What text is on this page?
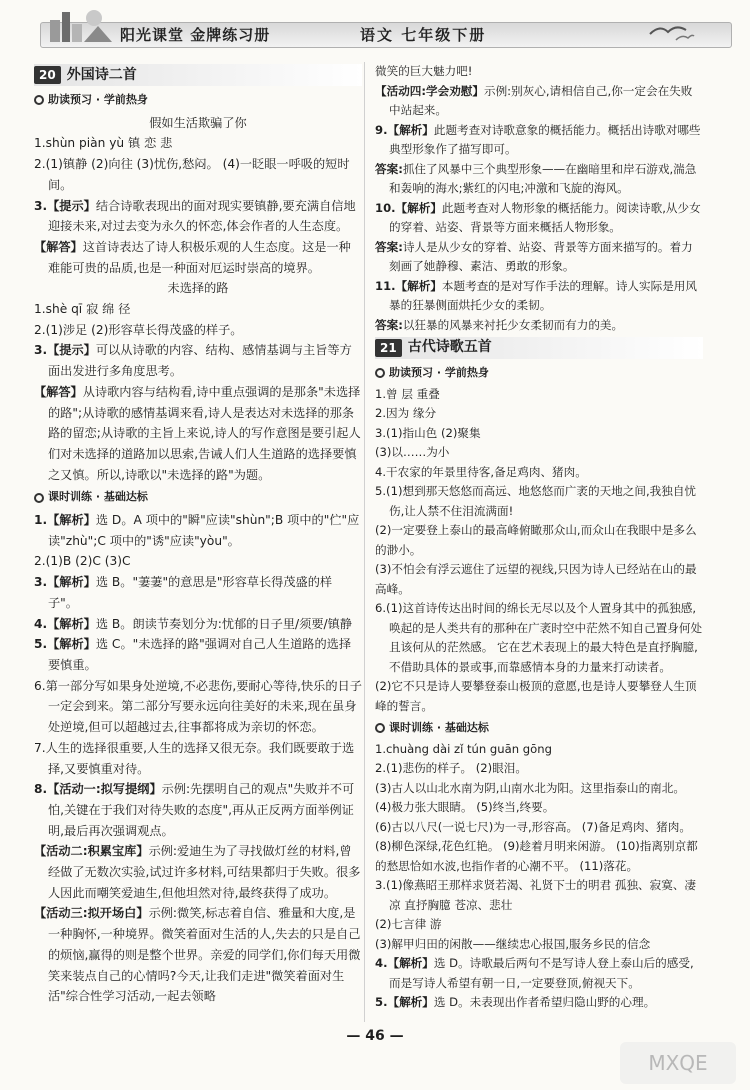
阳光课堂 金牌练习册	语文 七年级下册
20 外国诗二首
助读预习 · 学前热身

假如生活欺骗了你

1.shùn piàn yù 镇 恋 悲

2.(1)镇静 (2)向往 (3)忧伤,愁闷。 (4)一眨眼一呼吸的短时间。

3.【提示】结合诗歌表现出的面对现实要镇静,要充满自信地迎接未来,对过去变为永久的怀恋,体会作者的人生态度。

【解答】这首诗表达了诗人积极乐观的人生态度。这是一种难能可贵的品质,也是一种面对厄运时崇高的境界。

未选择的路

1.shè qī 寂 绵 径

2.(1)涉足 (2)形容草长得茂盛的样子。

3.【提示】可以从诗歌的内容、结构、感情基调与主旨等方面出发进行多角度思考。

【解答】从诗歌内容与结构看,诗中重点强调的是那条"未选择的路";从诗歌的感情基调来看,诗人是表达对未选择的那条路的留恋;从诗歌的主旨上来说,诗人的写作意图是要引起人们对未选择的道路加以思索,告诫人们人生道路的选择要慎之又慎。所以,诗歌以"未选择的路"为题。

课时训练 · 基础达标

1.【解析】选 D。A 项中的"瞬"应读"shùn";B 项中的"伫"应读"zhù";C 项中的"诱"应读"yòu"。

2.(1)B (2)C (3)C

3.【解析】选 B。"萋萋"的意思是"形容草长得茂盛的样子"。

4.【解析】选 B。朗读节奏划分为:忧郁的日子里/须要/镇静

5.【解析】选 C。"未选择的路"强调对自己人生道路的选择要慎重。

6.第一部分写如果身处逆境,不必悲伤,要耐心等待,快乐的日子一定会到来。第二部分写要永远向往美好的未来,现在虽身处逆境,但可以超越过去,往事都将成为亲切的怀恋。

7.人生的选择很重要,人生的选择又很无奈。我们既要敢于选择,又要慎重对待。

8.【活动一:拟写提纲】示例:先摆明自己的观点"失败并不可怕,关键在于我们对待失败的态度",再从正反两方面举例证明,最后再次强调观点。

【活动二:积累宝库】示例:爱迪生为了寻找做灯丝的材料,曾经做了无数次实验,试过许多材料,可结果都归于失败。很多人因此而嘲笑爱迪生,但他坦然对待,最终获得了成功。

【活动三:拟开场白】示例:微笑,标志着自信、雅量和大度,是一种胸怀,一种境界。微笑着面对生活的人,失去的只是自己的烦恼,赢得的则是整个世界。亲爱的同学们,你们每天用微笑来装点自己的心情吗?今天,让我们走进"微笑着面对生活"综合性学习活动,一起去领略

微笑的巨大魅力吧!

【活动四:学会劝慰】示例:别灰心,请相信自己,你一定会在失败中站起来。

9.【解析】此题考查对诗歌意象的概括能力。概括出诗歌对哪些典型形象作了描写即可。

答案:抓住了风暴中三个典型形象——在幽暗里和岸石游戏,湍急和轰响的海水;紫红的闪电;冲激和飞旋的海风。

10.【解析】此题考查对人物形象的概括能力。阅读诗歌,从少女的穿着、站姿、背景等方面来概括人物形象。

答案:诗人是从少女的穿着、站姿、背景等方面来描写的。着力刻画了她静穆、素洁、勇敢的形象。

11.【解析】本题考查的是对写作手法的理解。诗人实际是用风暴的狂暴侧面烘托少女的柔韧。

答案:以狂暴的风暴来衬托少女柔韧而有力的美。

21 古代诗歌五首
助读预习 · 学前热身

1.曾 层 重叠

2.因为 缘分

3.(1)指山色 (2)聚集

(3)以……为小

4.干农家的年景里待客,备足鸡肉、猪肉。

5.(1)想到那天悠悠而高远、地悠悠而广袤的天地之间,我独自忧伤,让人禁不住泪流满面!

(2)一定要登上泰山的最高峰俯瞰那众山,而众山在我眼中是多么的渺小。

(3)不怕会有浮云遮住了远望的视线,只因为诗人已经站在山的最高峰。

6.(1)这首诗传达出时间的绵长无尽以及个人置身其中的孤独感,唤起的是人类共有的那种在广袤时空中茫然不知自己置身何处且该何从的茫然感。 它在艺术表现上的最大特色是直抒胸臆,不借助具体的景或事,而靠感情本身的力量来打动读者。

(2)它不只是诗人要攀登泰山极顶的意愿,也是诗人要攀登人生顶峰的誓言。

课时训练 · 基础达标

1.chuàng dài zǐ tún guān gōng

2.(1)悲伤的样子。 (2)眼泪。

(3)古人以山北水南为阴,山南水北为阳。这里指泰山的南北。 (4)极力张大眼睛。 (5)终当,终要。

(6)古以八尺(一说七尺)为一寻,形容高。 (7)备足鸡肉、猪肉。 (8)柳色深绿,花色红艳。 (9)趁着月明来闲游。 (10)指离别京都的愁思恰如水波,也指作者的心潮不平。 (11)落花。

3.(1)像燕昭王那样求贤若渴、礼贤下士的明君 孤独、寂寞、凄凉 直抒胸臆 苍凉、悲壮

(2)七言律 游

(3)解甲归田的闲散——继续忠心报国,服务乡民的信念

4.【解析】选 D。诗歌最后两句不是写诗人登上泰山后的感受,而是写诗人希望有朝一日,一定要登顶,俯视天下。

5.【解析】选 D。未表现出作者希望归隐山野的心理。

— 46 —
MXQE
